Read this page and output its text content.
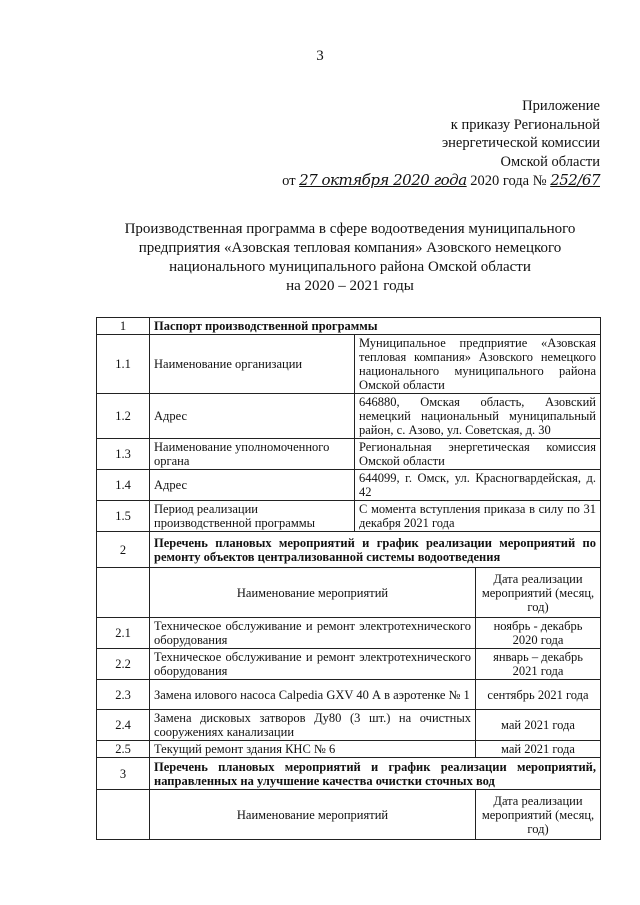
3
Приложение
к приказу Региональной
энергетической комиссии
Омской области
от 27 октября 2020 года 2020 года № 252/67
Производственная программа в сфере водоотведения муниципального
предприятия «Азовская тепловая компания» Азовского немецкого
национального муниципального района Омской области
на 2020 – 2021 годы
1	Паспорт производственной программы		
1.1	Наименование организации	Муниципальное предприятие «Азовская тепловая компания» Азовского немецкого национального муниципального района Омской области	
1.2	Адрес	646880, Омская область, Азовский немецкий национальный муниципальный район, с. Азово, ул. Советская, д. 30	
1.3	Наименование уполномоченного органа	Региональная энергетическая комиссия Омской области	
1.4	Адрес	644099, г. Омск, ул. Красногвардейская, д. 42	
1.5	Период реализации производственной программы	С момента вступления приказа в силу по 31 декабря 2021 года	
2	Перечень плановых мероприятий и график реализации мероприятий по ремонту объектов централизованной системы водоотведения		
	Наименование мероприятий		Дата реализации мероприятий (месяц, год)
2.1	Техническое обслуживание и ремонт электротехнического оборудования		ноябрь - декабрь 2020 года
2.2	Техническое обслуживание и ремонт электротехнического оборудования		январь – декабрь 2021 года
2.3	Замена илового насоса Calpedia GXV 40 А в аэротенке № 1		сентябрь 2021 года
2.4	Замена дисковых затворов Ду80 (3 шт.) на очистных сооружениях канализации		май 2021 года
2.5	Текущий ремонт здания КНС № 6		май 2021 года
3	Перечень плановых мероприятий и график реализации мероприятий, направленных на улучшение качества очистки сточных вод		
	Наименование мероприятий		Дата реализации мероприятий (месяц, год)
